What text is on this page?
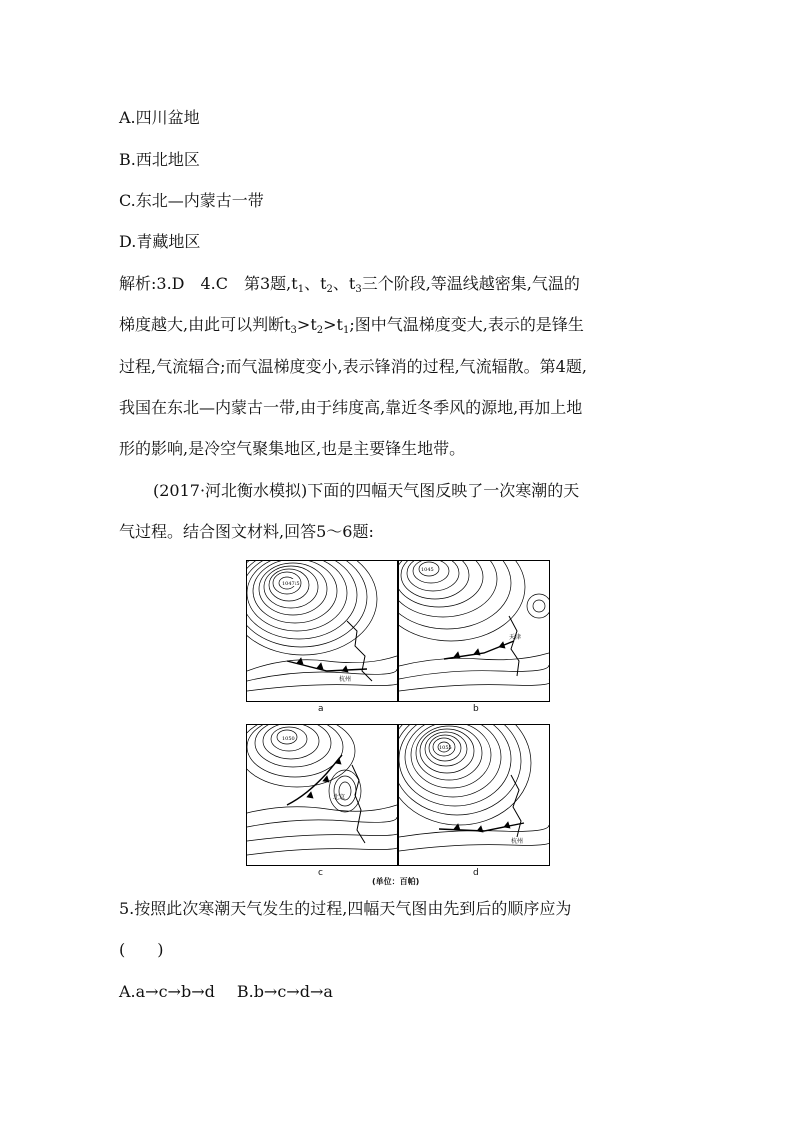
A.四川盆地
B.西北地区
C.东北—内蒙古一带
D.青藏地区
解析:3.D　4.C　第3题$,t_1$、$t_2$、$t_3$三个阶段,等温线越密集,气温的
梯度越大,由此可以判断$t_3>t_2>t_1$;图中气温梯度变大,表示的是锋生
过程,气流辐合;而气温梯度变小,表示锋消的过程,气流辐散。第4题,
我国在东北—内蒙古一带,由于纬度高,靠近冬季风的源地,再加上地
形的影响,是冷空气聚集地区,也是主要锋生地带。
(2017·河北衡水模拟)下面的四幅天气图反映了一次寒潮的天
气过程。结合图文材料,回答5～6题:
1047.5
杭州
a
1045
天津
b
1050
北京
c
1055
杭州
d
(单位：百帕)
5.按照此次寒潮天气发生的过程,四幅天气图由先到后的顺序应为
( )
A.a→c→b→d B.b→c→d→a
